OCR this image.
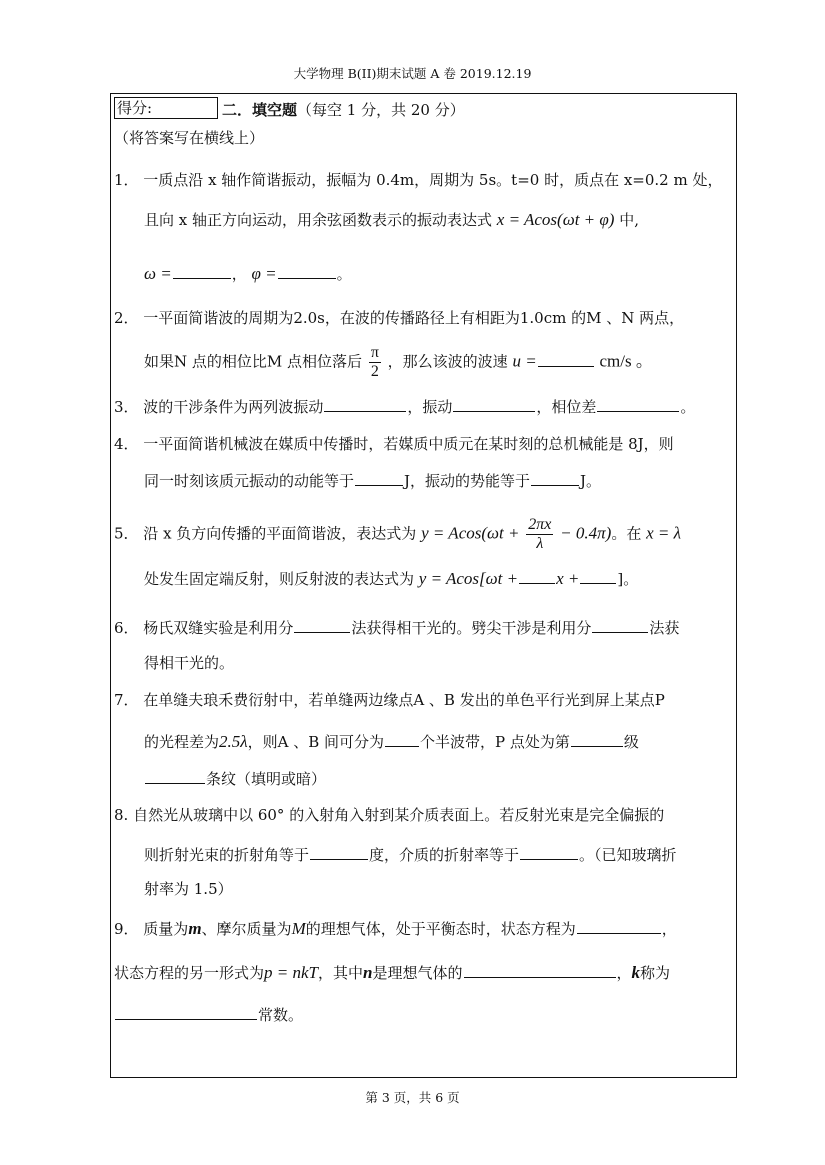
大学物理 B(II)期末试题 A 卷 2019.12.19
得分:	二．填空题（每空 1 分，共 20 分）
（将答案写在横线上）
1． 一质点沿 x 轴作简谐振动，振幅为 0.4m，周期为 5s。t=0 时，质点在 x=0.2 m 处，
且向 x 轴正方向运动，用余弦函数表示的振动表达式 x = Acos(ωt + φ) 中,
ω =	， φ =	。
2． 一平面简谐波的周期为2.0s，在波的传播路径上有相距为1.0cm 的M 、N 两点，
如果N 点的相位比M 点相位落后 $\frac{\pi}{2}$ ，那么该波的波速 u =	cm/s 。
3． 波的干涉条件为两列波振动	，振动	，相位差	。
4． 一平面简谐机械波在媒质中传播时，若媒质中质元在某时刻的总机械能是 8J，则
同一时刻该质元振动的动能等于	J，振动的势能等于	J。
5． 沿 x 负方向传播的平面简谐波，表达式为 $y = Acos(\omega t + \frac{2\pi x}{\lambda} - 0.4\pi)$。在 x = λ
处发生固定端反射，则反射波的表达式为 y = Acos[ωt + x +	]。
6． 杨氏双缝实验是利用分	法获得相干光的。劈尖干涉是利用分	法获
得相干光的。
7． 在单缝夫琅禾费衍射中，若单缝两边缘点A 、B 发出的单色平行光到屏上某点P
的光程差为2.5λ，则A 、B 间可分为 个半波带，P 点处为第	级
条纹（填明或暗）
8. 自然光从玻璃中以 60° 的入射角入射到某介质表面上。若反射光束是完全偏振的
则折射光束的折射角等于	度，介质的折射率等于	。（已知玻璃折
射率为 1.5）
9． 质量为m、摩尔质量为M的理想气体，处于平衡态时，状态方程为	，
状态方程的另一形式为p = nkT，其中n是理想气体的	，k称为
常数。
第 3 页，共 6 页
